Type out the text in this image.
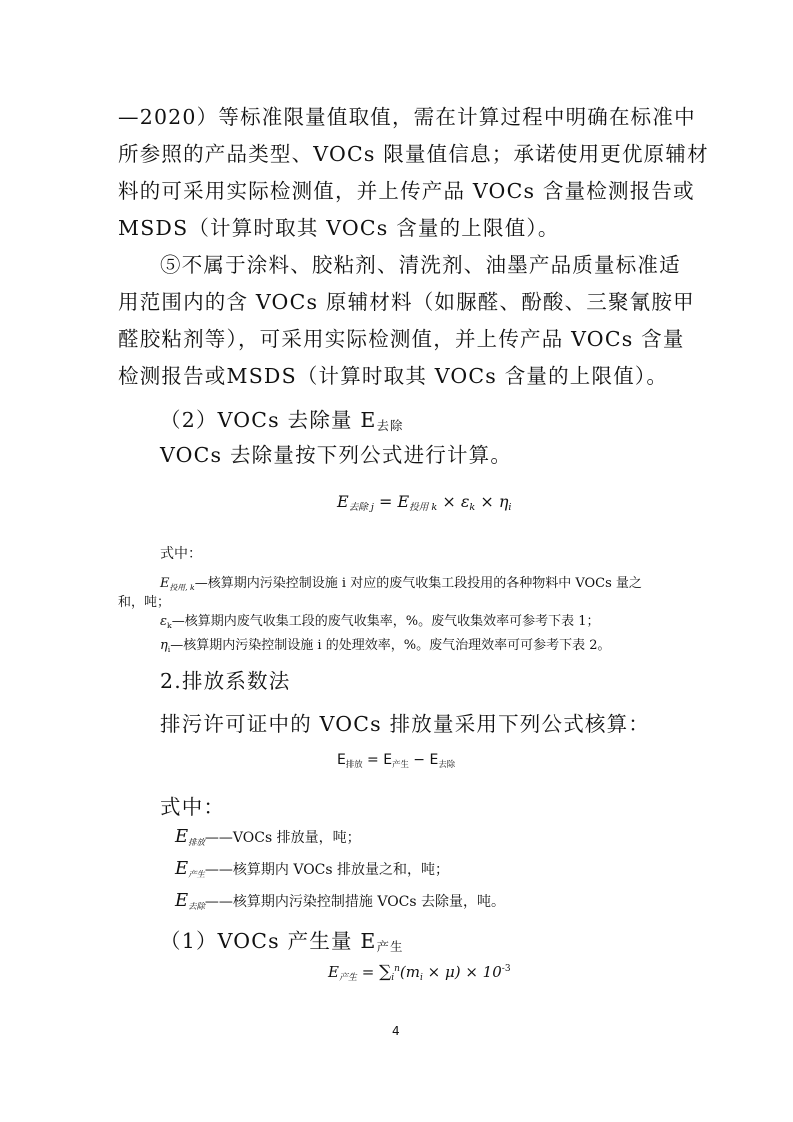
—2020）等标准限量值取值，需在计算过程中明确在标准中

所参照的产品类型、VOCs 限量值信息；承诺使用更优原辅材

料的可采用实际检测值，并上传产品 VOCs 含量检测报告或

MSDS（计算时取其 VOCs 含量的上限值）。

⑤不属于涂料、胶粘剂、清洗剂、油墨产品质量标准适

用范围内的含 VOCs 原辅材料（如脲醛、酚酸、三聚氰胺甲

醛胶粘剂等），可采用实际检测值，并上传产品 VOCs 含量

检测报告或MSDS（计算时取其 VOCs 含量的上限值）。

（2）VOCs 去除量 $E_{去除}$

VOCs 去除量按下列公式进行计算。

$E_{去除 j} = E_{投用 k} \times \varepsilon_k \times \eta_i$

式中：

$E_{投用, k}—$核算期内污染控制设施 i 对应的废气收集工段投用的各种物料中 VOCs 量之

和，吨；

$\varepsilon_k—$核算期内废气收集工段的废气收集率，%。废气收集效率可参考下表 1；

$\eta_i—$核算期内污染控制设施 i 的处理效率，%。废气治理效率可可参考下表 2。

2.排放系数法

排污许可证中的 VOCs 排放量采用下列公式核算：

$E_{排放} = E_{产生} - E_{去除}$

式中：

$E_{排放}——VOCs$ 排放量，吨；

$E_{产生}——$核算期内 VOCs 排放量之和，吨；

$E_{去除}——$核算期内污染控制措施 VOCs 去除量，吨。

（1）VOCs 产生量 $E_{产生}$

$E_{产生} = \sum_i^n(m_i \times \mu) \times 10^{-3}$
4
